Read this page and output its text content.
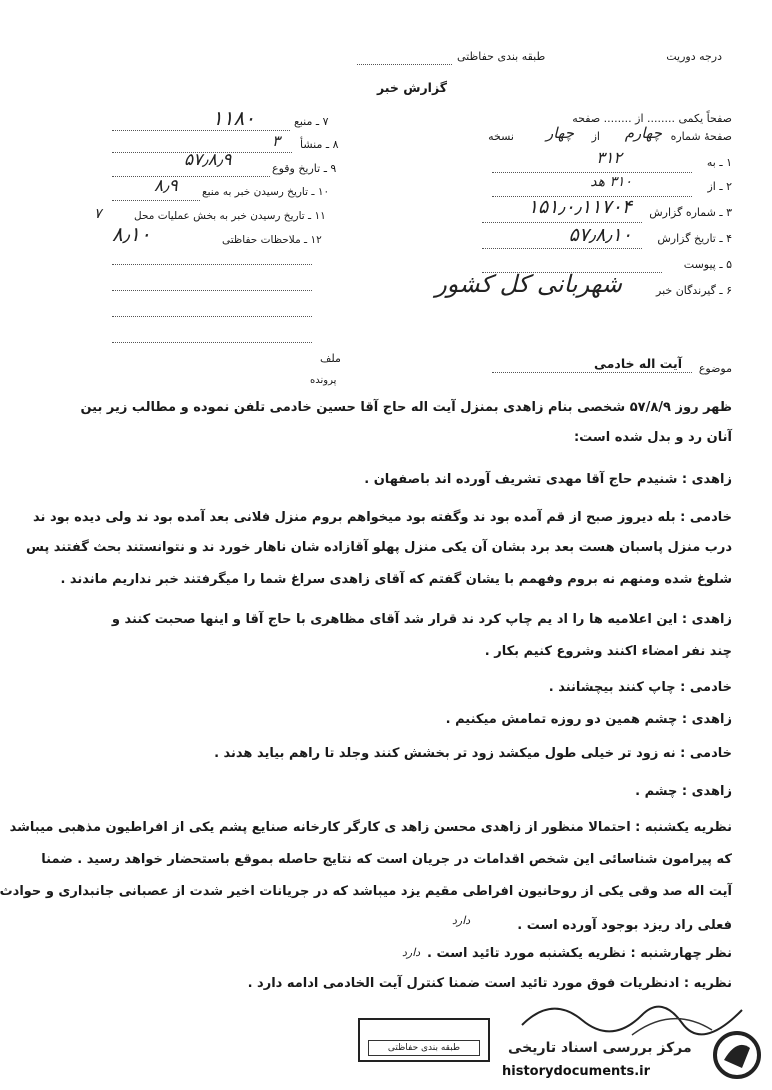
درجه دوریت
طبقه بندی حفاظتی
گزارش خبر
صفحاً یکمی ........ از ........ صفحه
صفحهٔ شماره
چهارم
از
چهار
نسخه
۱ ـ به
۳۱۲
۲ ـ از
۳۱۰ هد
۳ ـ شماره گزارش
۱۵۱٫۰٫۱۱۷۰۴
۴ ـ تاریخ گزارش
۵۷٫۸٫۱۰
۵ ـ پیوست
۶ ـ گیرندگان خبر
شهربانی کل کشور
۷ ـ منبع
۱۱۸۰
۸ ـ منشأ
۳
۹ ـ تاریخ وقوع
۵۷٫۸٫۹
۱۰ ـ تاریخ رسیدن خبر به منبع
۸٫۹
۱۱ ـ تاریخ رسیدن خبر به بخش عملیات محل
۷
۸٫۱۰	۱۲ ـ ملاحظات حفاظتی
ملف
پرونده
موضوع
آیت اله خادمی
ظهر روز ۵۷/۸/۹ شخصی بنام زاهدی بمنزل آیت اله حاج آقا حسین خادمی تلفن نموده و مطالب زیر بین
آنان رد و بدل شده است:
زاهدی : شنیدم حاج آقا مهدی تشریف آورده اند باصفهان .
خادمی : بله دیروز صبح از قم آمده بود ند وگفته بود میخواهم بروم منزل فلانی بعد آمده بود ند ولی دیده بود ند
درب منزل پاسبان هست بعد برد بشان آن یکی منزل پهلو آقازاده شان ناهار خورد ند و نتوانستند بحث گفتند پس
شلوغ شده ومنهم نه بروم وفهمم با یشان گفتم که آقای زاهدی سراغ شما را میگرفتند خبر نداریم ماندند .
زاهدی : این اعلامیه ها را اد یم چاپ کرد ند قرار شد آقای مظاهری با حاج آقا و اینها صحبت کنند و
چند نفر امضاء اکنند وشروع کنیم بکار .
خادمی : چاپ کنند بیچشانند .
زاهدی : چشم همین دو روزه تمامش میکنیم .
خادمی : نه زود تر خیلی طول میکشد زود تر بخشش کنند وجلد تا راهم بیاید هدند .
زاهدی : چشم .
نظریه یکشنبه : احتمالا منظور از زاهدی محسن زاهد ی کارگر کارخانه صنایع پشم یکی از افراطیون مذهبی میباشد
که پیرامون شناسائی این شخص اقدامات در جریان است که نتایج حاصله بموقع باستحضار خواهد رسید . ضمنا
آیت اله صد وقی یکی از روحانیون افراطی مقیم یزد میباشد که در جریانات اخیر شدت از عصبانی جانبداری و حوادث
فعلی راد ریزد بوجود آورده است .
نظر چهارشنبه : نظریه یکشنبه مورد تائید است .
نظریه : ادنظریات فوق مورد تائید است ضمنا کنترل آیت الخادمی ادامه دارد .
دارد
دارد
طبقه بندی حفاظتی	مرکز بررسی اسناد تاریخی
historydocuments.ir
